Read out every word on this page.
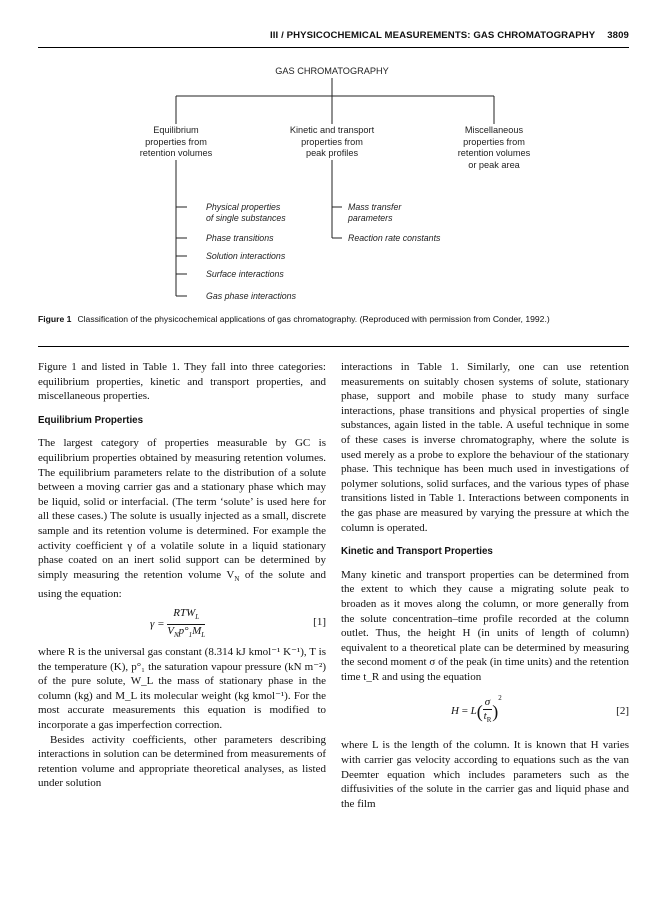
III / PHYSICOCHEMICAL MEASUREMENTS: GAS CHROMATOGRAPHY 3809
GAS CHROMATOGRAPHY
Equilibrium
properties from
retention volumes
Kinetic and transport
properties from
peak profiles
Miscellaneous
properties from
retention volumes
or peak area
Physical properties
of single substances
Phase transitions
Solution interactions
Surface interactions
Gas phase interactions
Mass transfer
parameters
Reaction rate constants
Figure 1 Classification of the physicochemical applications of gas chromatography. (Reproduced with permission from Conder, 1992.)

Figure 1 and listed in Table 1. They fall into three categories: equilibrium properties, kinetic and transport properties, and miscellaneous properties.

Equilibrium Properties

The largest category of properties measurable by GC is equilibrium properties obtained by measuring retention volumes. The equilibrium parameters relate to the distribution of a solute between a moving carrier gas and a stationary phase which may be liquid, solid or interfacial. (The term ‘solute’ is used here for all these cases.) The solute is usually injected as a small, discrete sample and its retention volume is determined. For example the activity coefficient γ of a volatile solute in a liquid stationary phase coated on an inert solid support can be determined by simply measuring the retention volume $V_N$ of the solute and using the equation:

$\gamma = \frac{RTW_L}{V_Np^\circ_1M_L}$	[1]

where R is the universal gas constant (8.314 kJ kmol⁻¹ K⁻¹), T is the temperature (K), p°₁ the saturation vapour pressure (kN m⁻²) of the pure solute, W_L the mass of stationary phase in the column (kg) and M_L its molecular weight (kg kmol⁻¹). For the most accurate measurements this equation is modified to incorporate a gas imperfection correction.

Besides activity coefficients, other parameters describing interactions in solution can be determined from measurements of retention volume and appropriate theoretical analyses, as listed under solution

interactions in Table 1. Similarly, one can use retention measurements on suitably chosen systems of solute, stationary phase, support and mobile phase to study many surface interactions, phase transitions and physical properties of single substances, again listed in the table. A useful technique in some of these cases is inverse chromatography, where the solute is used merely as a probe to explore the behaviour of the stationary phase. This technique has been much used in investigations of polymer solutions, solid surfaces, and the various types of phase transitions listed in Table 1. Interactions between components in the gas phase are measured by varying the pressure at which the column is operated.

Kinetic and Transport Properties

Many kinetic and transport properties can be determined from the extent to which they cause a migrating solute peak to broaden as it moves along the column, or more generally from the solute concentration–time profile recorded at the column outlet. Thus, the height H (in units of length of column) equivalent to a theoretical plate can be determined by measuring the second moment σ of the peak (in time units) and the retention time t_R and using the equation

$H = L( \frac{\sigma}{t_R} )^2$
[2]

where L is the length of the column. It is known that H varies with carrier gas velocity according to equations such as the van Deemter equation which includes parameters such as the diffusivities of the solute in the carrier gas and liquid phase and the film
